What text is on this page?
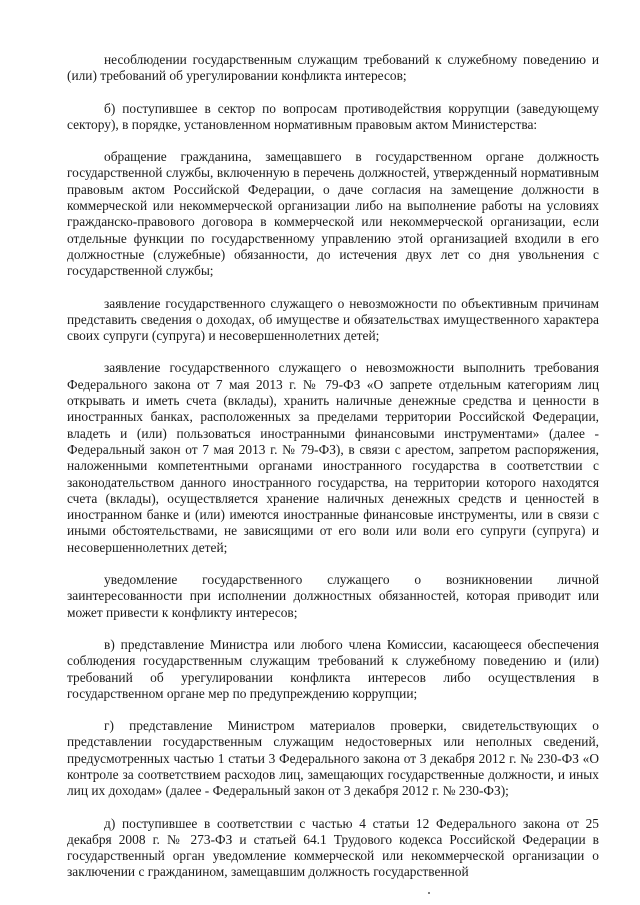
несоблюдении государственным служащим требований к служебному поведению и (или) требований об урегулировании конфликта интересов;

б) поступившее в сектор по вопросам противодействия коррупции (заведующему сектору), в порядке, установленном нормативным правовым актом Министерства:

обращение гражданина, замещавшего в государственном органе должность государственной службы, включенную в перечень должностей, утвержденный нормативным правовым актом Российской Федерации, о даче согласия на замещение должности в коммерческой или некоммерческой организации либо на выполнение работы на условиях гражданско-правового договора в коммерческой или некоммерческой организации, если отдельные функции по государственному управлению этой организацией входили в его должностные (служебные) обязанности, до истечения двух лет со дня увольнения с государственной службы;

заявление государственного служащего о невозможности по объективным причинам представить сведения о доходах, об имуществе и обязательствах имущественного характера своих супруги (супруга) и несовершеннолетних детей;

заявление государственного служащего о невозможности выполнить требования Федерального закона от 7 мая 2013 г. № 79-ФЗ «О запрете отдельным категориям лиц открывать и иметь счета (вклады), хранить наличные денежные средства и ценности в иностранных банках, расположенных за пределами территории Российской Федерации, владеть и (или) пользоваться иностранными финансовыми инструментами» (далее - Федеральный закон от 7 мая 2013 г. № 79-ФЗ), в связи с арестом, запретом распоряжения, наложенными компетентными органами иностранного государства в соответствии с законодательством данного иностранного государства, на территории которого находятся счета (вклады), осуществляется хранение наличных денежных средств и ценностей в иностранном банке и (или) имеются иностранные финансовые инструменты, или в связи с иными обстоятельствами, не зависящими от его воли или воли его супруги (супруга) и несовершеннолетних детей;

уведомление государственного служащего о возникновении личной заинтересованности при исполнении должностных обязанностей, которая приводит или может привести к конфликту интересов;

в) представление Министра или любого члена Комиссии, касающееся обеспечения соблюдения государственным служащим требований к служебному поведению и (или) требований об урегулировании конфликта интересов либо осуществления в государственном органе мер по предупреждению коррупции;

г) представление Министром материалов проверки, свидетельствующих о представлении государственным служащим недостоверных или неполных сведений, предусмотренных частью 1 статьи 3 Федерального закона от 3 декабря 2012 г. № 230-ФЗ «О контроле за соответствием расходов лиц, замещающих государственные должности, и иных лиц их доходам» (далее - Федеральный закон от 3 декабря 2012 г. № 230-ФЗ);

д) поступившее в соответствии с частью 4 статьи 12 Федерального закона от 25 декабря 2008 г. № 273-ФЗ и статьей 64.1 Трудового кодекса Российской Федерации в государственный орган уведомление коммерческой или некоммерческой организации о заключении с гражданином, замещавшим должность государственной
